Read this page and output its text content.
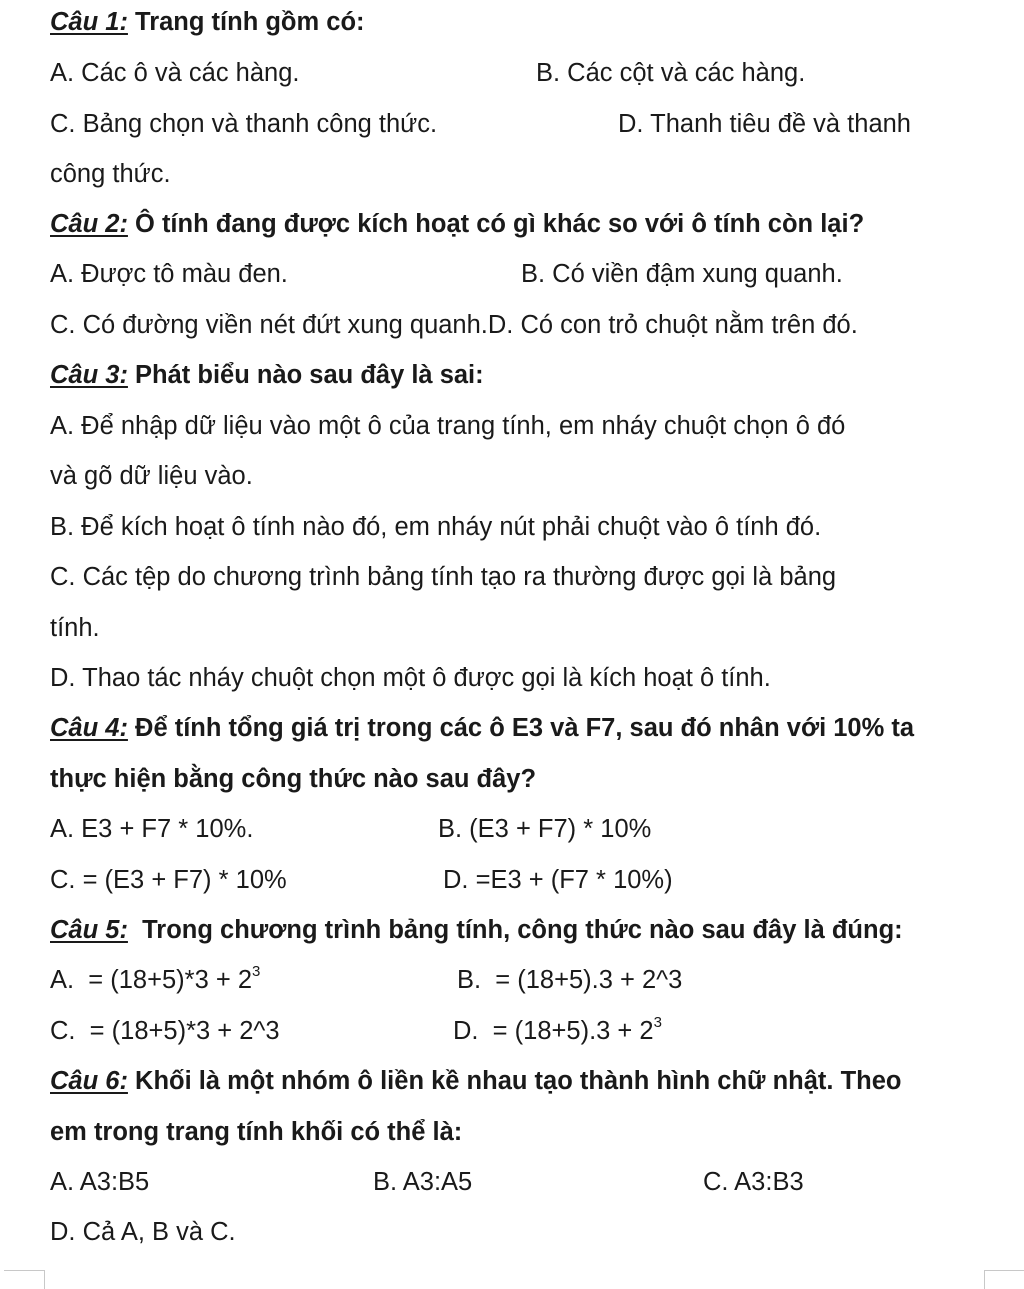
Câu 1: Trang tính gồm có:
A. Các ô và các hàng.	B. Các cột và các hàng.
C. Bảng chọn và thanh công thức.	D. Thanh tiêu đề và thanh
công thức.
Câu 2: Ô tính đang được kích hoạt có gì khác so với ô tính còn lại?
A. Được tô màu đen.	B. Có viền đậm xung quanh.
C. Có đường viền nét đứt xung quanh.D. Có con trỏ chuột nằm trên đó.
Câu 3: Phát biểu nào sau đây là sai:
A. Để nhập dữ liệu vào một ô của trang tính, em nháy chuột chọn ô đó
và gõ dữ liệu vào.
B. Để kích hoạt ô tính nào đó, em nháy nút phải chuột vào ô tính đó.
C. Các tệp do chương trình bảng tính tạo ra thường được gọi là bảng
tính.
D. Thao tác nháy chuột chọn một ô được gọi là kích hoạt ô tính.
Câu 4: Để tính tổng giá trị trong các ô E3 và F7, sau đó nhân với 10% ta
thực hiện bằng công thức nào sau đây?
A. E3 + F7 * 10%.	B. (E3 + F7) * 10%
C. = (E3 + F7) * 10%	D. =E3 + (F7 * 10%)
Câu 5:  Trong chương trình bảng tính, công thức nào sau đây là đúng:
A.  = $(18+5)*3 + 2^3$	B.  = (18+5).3 + 2^3
C.  = (18+5)*3 + 2^3	D.  = $(18+5).3 + 2^3$
Câu 6: Khối là một nhóm ô liền kề nhau tạo thành hình chữ nhật. Theo
em trong trang tính khối có thể là:
A. A3:B5	B. A3:A5	C. A3:B3
D. Cả A, B và C.
